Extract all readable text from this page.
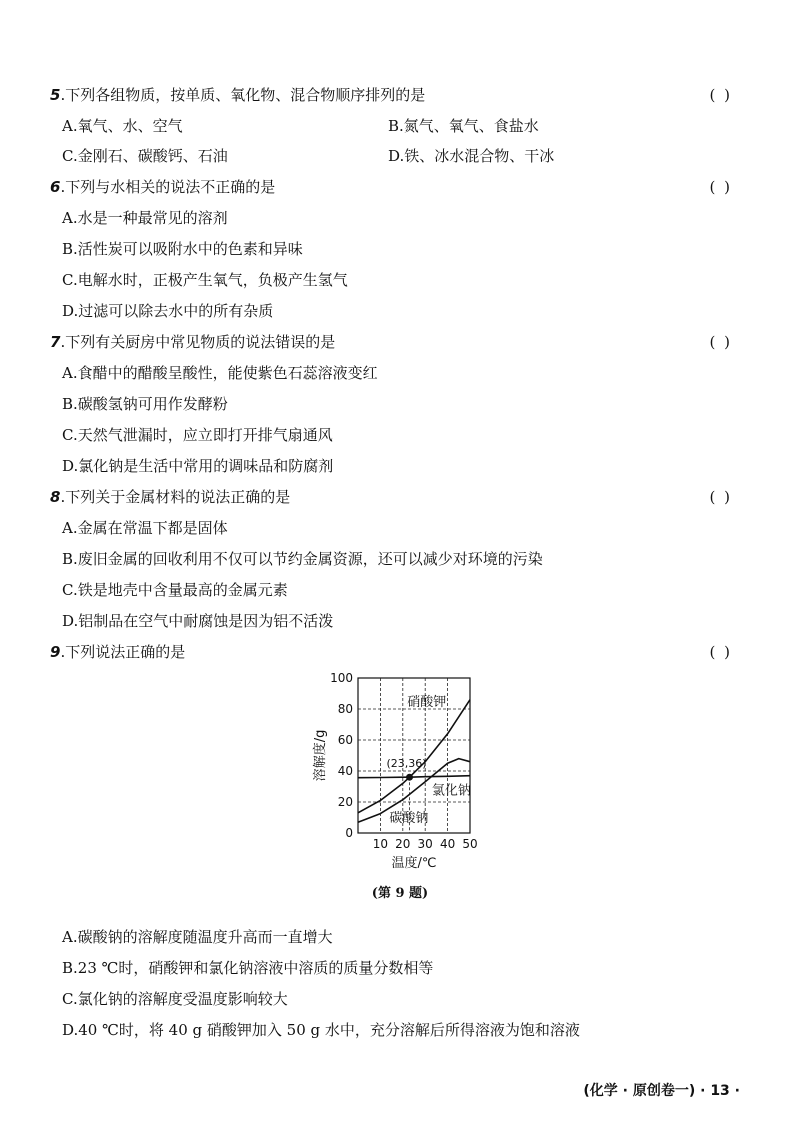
5.下列各组物质，按单质、氧化物、混合物顺序排列的是	( )
A.氧气、水、空气	B.氮气、氧气、食盐水
C.金刚石、碳酸钙、石油	D.铁、冰水混合物、干冰
6.下列与水相关的说法不正确的是	( )
A.水是一种最常见的溶剂
B.活性炭可以吸附水中的色素和异味
C.电解水时，正极产生氧气，负极产生氢气
D.过滤可以除去水中的所有杂质
7.下列有关厨房中常见物质的说法错误的是	( )
A.食醋中的醋酸呈酸性，能使紫色石蕊溶液变红
B.碳酸氢钠可用作发酵粉
C.天然气泄漏时，应立即打开排气扇通风
D.氯化钠是生活中常用的调味品和防腐剂
8.下列关于金属材料的说法正确的是	( )
A.金属在常温下都是固体
B.废旧金属的回收利用不仅可以节约金属资源，还可以减少对环境的污染
C.铁是地壳中含量最高的金属元素
D.铝制品在空气中耐腐蚀是因为铝不活泼
9.下列说法正确的是	( )
A.碳酸钠的溶解度随温度升高而一直增大
B.23 ℃时，硝酸钾和氯化钠溶液中溶质的质量分数相等
C.氯化钠的溶解度受温度影响较大
D.40 ℃时，将 40 g 硝酸钾加入 50 g 水中，充分溶解后所得溶液为饱和溶液
0
20
40
60
80
100
10 20 30 40 50
硝酸钾
氯化钠
碳酸钠
(23,36)
溶解度/g
温度/℃
(第 9 题)
(化学 · 原创卷一) · 13 ·
